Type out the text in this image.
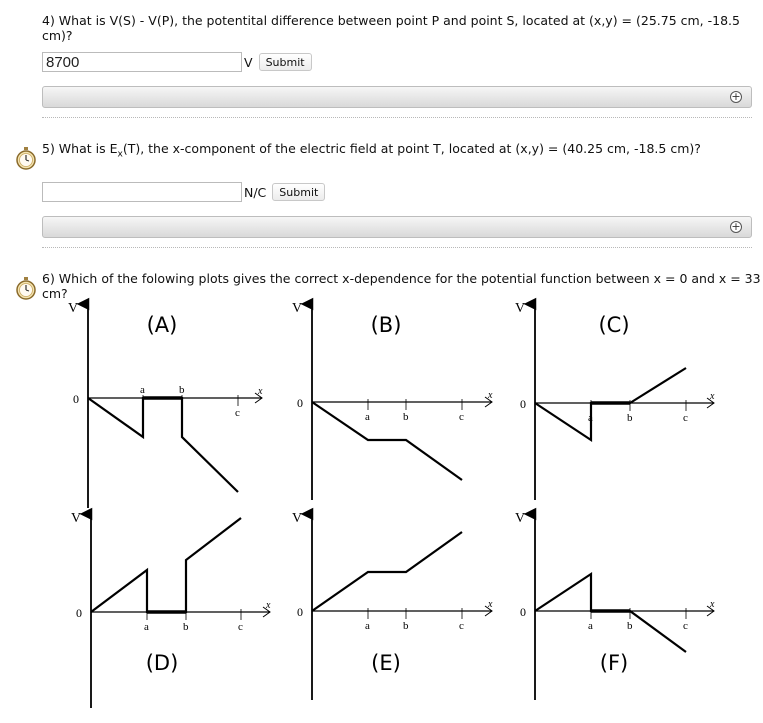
4) What is V(S) - V(P), the potentital difference between point P and point S, located at (x,y) = (25.75 cm, -18.5 cm)?
8700
V	Submit
+
5) What is $E_x(T)$, the x-component of the electric field at point T, located at (x,y) = (40.25 cm, -18.5 cm)?
N/C	Submit
+
6) Which of the folowing plots gives the correct x-dependence for the potential function between x = 0 and x = 33 cm?
V
x
0
a	b
c
(A)
V
x
0
a	b	c
(B)
V
x
0
a	b	c
(C)
V
x
0
a	b	c
(D)
V
x
0
a	b	c
(E)
V
x
0
a	b	c
(F)
